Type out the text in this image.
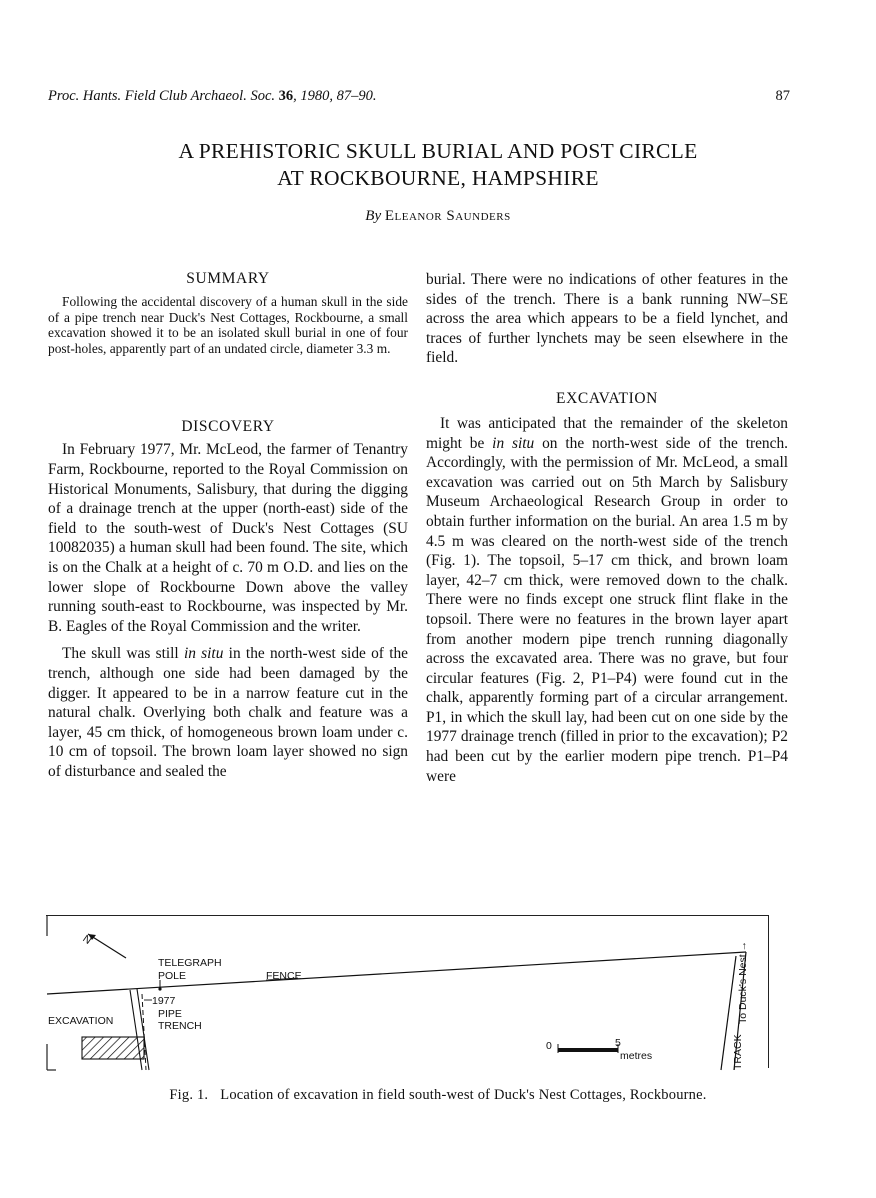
Proc. Hants. Field Club Archaeol. Soc. 36, 1980, 87–90.	87
A PREHISTORIC SKULL BURIAL AND POST CIRCLE
AT ROCKBOURNE, HAMPSHIRE
By Eleanor Saunders
SUMMARY

Following the accidental discovery of a human skull in the side of a pipe trench near Duck's Nest Cottages, Rockbourne, a small excavation showed it to be an isolated skull burial in one of four post-holes, apparently part of an undated circle, diameter 3.3 m.

DISCOVERY

In February 1977, Mr. McLeod, the farmer of Tenantry Farm, Rockbourne, reported to the Royal Commission on Historical Monuments, Salisbury, that during the digging of a drainage trench at the upper (north-east) side of the field to the south-west of Duck's Nest Cottages (SU 10082035) a human skull had been found. The site, which is on the Chalk at a height of c. 70 m O.D. and lies on the lower slope of Rockbourne Down above the valley running south-east to Rockbourne, was inspected by Mr. B. Eagles of the Royal Commission and the writer.

The skull was still in situ in the north-west side of the trench, although one side had been damaged by the digger. It appeared to be in a narrow feature cut in the natural chalk. Overlying both chalk and feature was a layer, 45 cm thick, of homogeneous brown loam under c. 10 cm of topsoil. The brown loam layer showed no sign of disturbance and sealed the

burial. There were no indications of other features in the sides of the trench. There is a bank running NW–SE across the area which appears to be a field lynchet, and traces of further lynchets may be seen elsewhere in the field.

EXCAVATION

It was anticipated that the remainder of the skeleton might be in situ on the north-west side of the trench. Accordingly, with the permission of Mr. McLeod, a small excavation was carried out on 5th March by Salisbury Museum Archaeological Research Group in order to obtain further information on the burial. An area 1.5 m by 4.5 m was cleared on the north-west side of the trench (Fig. 1). The topsoil, 5–17 cm thick, and brown loam layer, 42–7 cm thick, were removed down to the chalk. There were no finds except one struck flint flake in the topsoil. There were no features in the brown layer apart from another modern pipe trench running diagonally across the excavated area. There was no grave, but four circular features (Fig. 2, P1–P4) were found cut in the chalk, apparently forming part of a circular arrangement. P1, in which the skull lay, had been cut on one side by the 1977 drainage trench (filled in prior to the excavation); P2 had been cut by the earlier modern pipe trench. P1–P4 were

N
FENCE
TELEGRAPH
POLE
1977
PIPE
TRENCH
EXCAVATION
0	5
metres	TRACK
To Duck's Nest →
Fig. 1. Location of excavation in field south-west of Duck's Nest Cottages, Rockbourne.
